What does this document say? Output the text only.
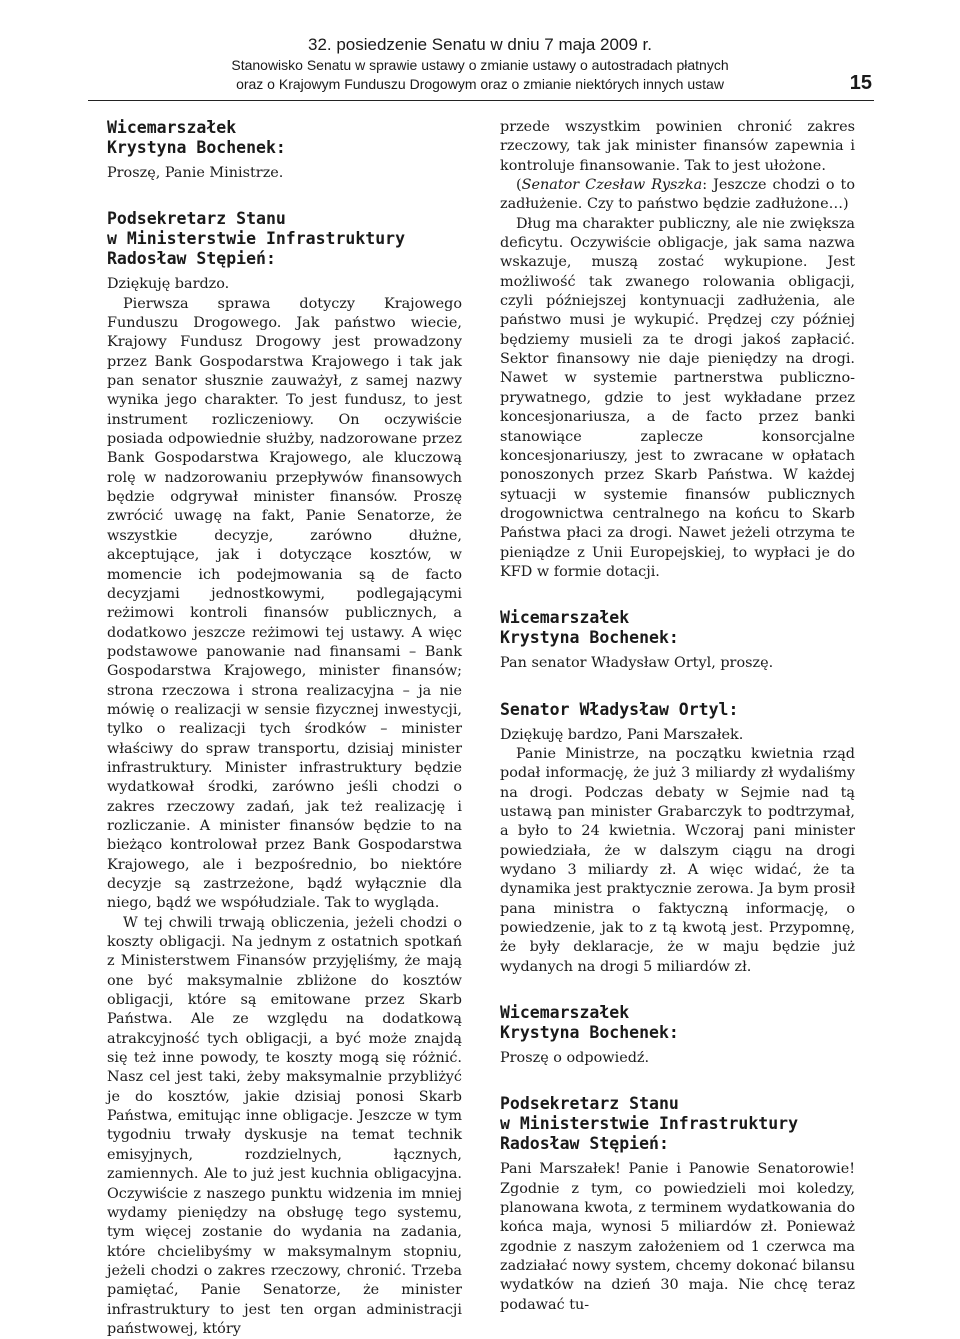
32. posiedzenie Senatu w dniu 7 maja 2009 r.
Stanowisko Senatu w sprawie ustawy o zmianie ustawy o autostradach płatnych
oraz o Krajowym Funduszu Drogowym oraz o zmianie niektórych innych ustaw	15
Wicemarszałek
Krystyna Bochenek:

Proszę, Panie Ministrze.

Podsekretarz Stanu
w Ministerstwie Infrastruktury
Radosław Stępień:

Dziękuję bardzo.

Pierwsza sprawa dotyczy Krajowego Funduszu Drogowego. Jak państwo wiecie, Krajowy Fundusz Drogowy jest prowadzony przez Bank Gospodarstwa Krajowego i tak jak pan senator słusznie zauważył, z samej nazwy wynika jego charakter. To jest fundusz, to jest instrument rozliczeniowy. On oczywiście posiada odpowiednie służby, nadzorowane przez Bank Gospodarstwa Krajowego, ale kluczową rolę w nadzorowaniu przepływów finansowych będzie odgrywał minister finansów. Proszę zwrócić uwagę na fakt, Panie Senatorze, że wszystkie decyzje, zarówno dłużne, akceptujące, jak i dotyczące kosztów, w momencie ich podejmowania są de facto decyzjami jednostkowymi, podlegającymi reżimowi kontroli finansów publicznych, a dodatkowo jeszcze reżimowi tej ustawy. A więc podstawowe panowanie nad finansami – Bank Gospodarstwa Krajowego, minister finansów; strona rzeczowa i strona realizacyjna – ja nie mówię o realizacji w sensie fizycznej inwestycji, tylko o realizacji tych środków – minister właściwy do spraw transportu, dzisiaj minister infrastruktury. Minister infrastruktury będzie wydatkował środki, zarówno jeśli chodzi o zakres rzeczowy zadań, jak też realizację i rozliczanie. A minister finansów będzie to na bieżąco kontrolował przez Bank Gospodarstwa Krajowego, ale i bezpośrednio, bo niektóre decyzje są zastrzeżone, bądź wyłącznie dla niego, bądź we współudziale. Tak to wygląda.

W tej chwili trwają obliczenia, jeżeli chodzi o koszty obligacji. Na jednym z ostatnich spotkań z Ministerstwem Finansów przyjęliśmy, że mają one być maksymalnie zbliżone do kosztów obligacji, które są emitowane przez Skarb Państwa. Ale ze względu na dodatkową atrakcyjność tych obligacji, a być może znajdą się też inne powody, te koszty mogą się różnić. Nasz cel jest taki, żeby maksymalnie przybliżyć je do kosztów, jakie dzisiaj ponosi Skarb Państwa, emitując inne obligacje. Jeszcze w tym tygodniu trwały dyskusje na temat technik emisyjnych, rozdzielnych, łącznych, zamiennych. Ale to już jest kuchnia obligacyjna. Oczywiście z naszego punktu widzenia im mniej wydamy pieniędzy na obsługę tego systemu, tym więcej zostanie do wydania na zadania, które chcielibyśmy w maksymalnym stopniu, jeżeli chodzi o zakres rzeczowy, chronić. Trzeba pamiętać, Panie Senatorze, że minister infrastruktury to jest ten organ administracji państwowej, który

przede wszystkim powinien chronić zakres rzeczowy, tak jak minister finansów zapewnia i kontroluje finansowanie. Tak to jest ułożone.

(Senator Czesław Ryszka: Jeszcze chodzi o to zadłużenie. Czy to państwo będzie zadłużone…)

Dług ma charakter publiczny, ale nie zwiększa deficytu. Oczywiście obligacje, jak sama nazwa wskazuje, muszą zostać wykupione. Jest możliwość tak zwanego rolowania obligacji, czyli późniejszej kontynuacji zadłużenia, ale państwo musi je wykupić. Prędzej czy później będziemy musieli za te drogi jakoś zapłacić. Sektor finansowy nie daje pieniędzy na drogi. Nawet w systemie partnerstwa publiczno-prywatnego, gdzie to jest wykładane przez koncesjonariusza, a de facto przez banki stanowiące zaplecze konsorcjalne koncesjonariuszy, jest to zwracane w opłatach ponoszonych przez Skarb Państwa. W każdej sytuacji w systemie finansów publicznych drogownictwa centralnego na końcu to Skarb Państwa płaci za drogi. Nawet jeżeli otrzyma te pieniądze z Unii Europejskiej, to wypłaci je do KFD w formie dotacji.

Wicemarszałek
Krystyna Bochenek:

Pan senator Władysław Ortyl, proszę.

Senator Władysław Ortyl:

Dziękuję bardzo, Pani Marszałek.

Panie Ministrze, na początku kwietnia rząd podał informację, że już 3 miliardy zł wydaliśmy na drogi. Podczas debaty w Sejmie nad tą ustawą pan minister Grabarczyk to podtrzymał, a było to 24 kwietnia. Wczoraj pani minister powiedziała, że w dalszym ciągu na drogi wydano 3 miliardy zł. A więc widać, że ta dynamika jest praktycznie zerowa. Ja bym prosił pana ministra o faktyczną informację, o powiedzenie, jak to z tą kwotą jest. Przypomnę, że były deklaracje, że w maju będzie już wydanych na drogi 5 miliardów zł.

Wicemarszałek
Krystyna Bochenek:

Proszę o odpowiedź.

Podsekretarz Stanu
w Ministerstwie Infrastruktury
Radosław Stępień:

Pani Marszałek! Panie i Panowie Senatorowie! Zgodnie z tym, co powiedzieli moi koledzy, planowana kwota, z terminem wydatkowania do końca maja, wynosi 5 miliardów zł. Ponieważ zgodnie z naszym założeniem od 1 czerwca ma zadziałać nowy system, chcemy dokonać bilansu wydatków na dzień 30 maja. Nie chcę teraz podawać tu-
